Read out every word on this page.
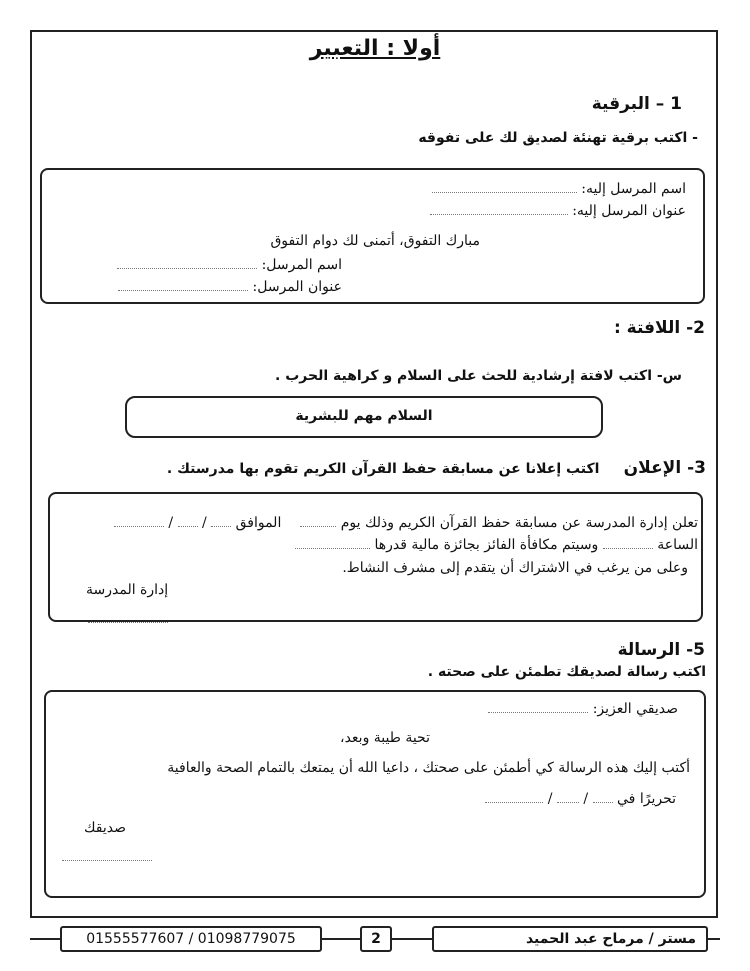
أولا : التعبير
1 – البرقية
- اكتب برقية تهنئة لصديق لك على تفوقه
اسم المرسل إليه:
عنوان المرسل إليه:
مبارك التفوق، أتمنى لك دوام التفوق
اسم المرسل:
عنوان المرسل:
2- اللافتة :
س- اكتب لافتة إرشادية للحث على السلام و كراهية الحرب .
السلام مهم للبشرية
3- الإعلان  اكتب إعلانا عن مسابقة حفظ القرآن الكريم تقوم بها مدرستك .
تعلن إدارة المدرسة عن مسابقة حفظ القرآن الكريم وذلك يوم   الموافق  /  /
الساعة  وسيتم مكافأة الفائز بجائزة مالية قدرها
وعلى من يرغب في الاشتراك أن يتقدم إلى مشرف النشاط.
إدارة المدرسة
5- الرسالة
اكتب رسالة لصديقك تطمئن على صحته .
صديقي العزيز:
تحية طيبة وبعد،
أكتب إليك هذه الرسالة كي أطمئن على صحتك ، داعيا الله أن يمتعك بالتمام الصحة والعافية
تحريرًا في  /  /
صديقك
01555577607 / 01098779075	2	مستر / مرماح عبد الحميد
